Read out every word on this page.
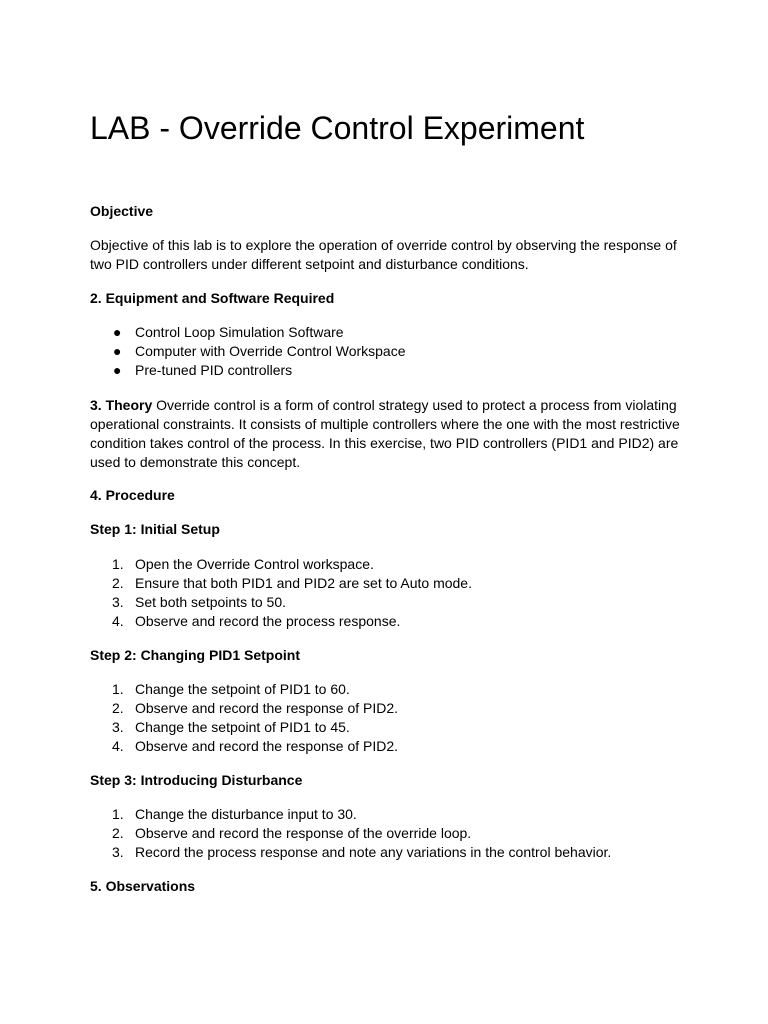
LAB - Override Control Experiment

Objective

Objective of this lab is to explore the operation of override control by observing the response of two PID controllers under different setpoint and disturbance conditions.

2. Equipment and Software Required

● Control Loop Simulation Software
● Computer with Override Control Workspace
● Pre-tuned PID controllers

3. Theory Override control is a form of control strategy used to protect a process from violating operational constraints. It consists of multiple controllers where the one with the most restrictive condition takes control of the process. In this exercise, two PID controllers (PID1 and PID2) are used to demonstrate this concept.

4. Procedure

Step 1: Initial Setup

1. Open the Override Control workspace.
2. Ensure that both PID1 and PID2 are set to Auto mode.
3. Set both setpoints to 50.
4. Observe and record the process response.

Step 2: Changing PID1 Setpoint

1. Change the setpoint of PID1 to 60.
2. Observe and record the response of PID2.
3. Change the setpoint of PID1 to 45.
4. Observe and record the response of PID2.

Step 3: Introducing Disturbance

1. Change the disturbance input to 30.
2. Observe and record the response of the override loop.
3. Record the process response and note any variations in the control behavior.

5. Observations
